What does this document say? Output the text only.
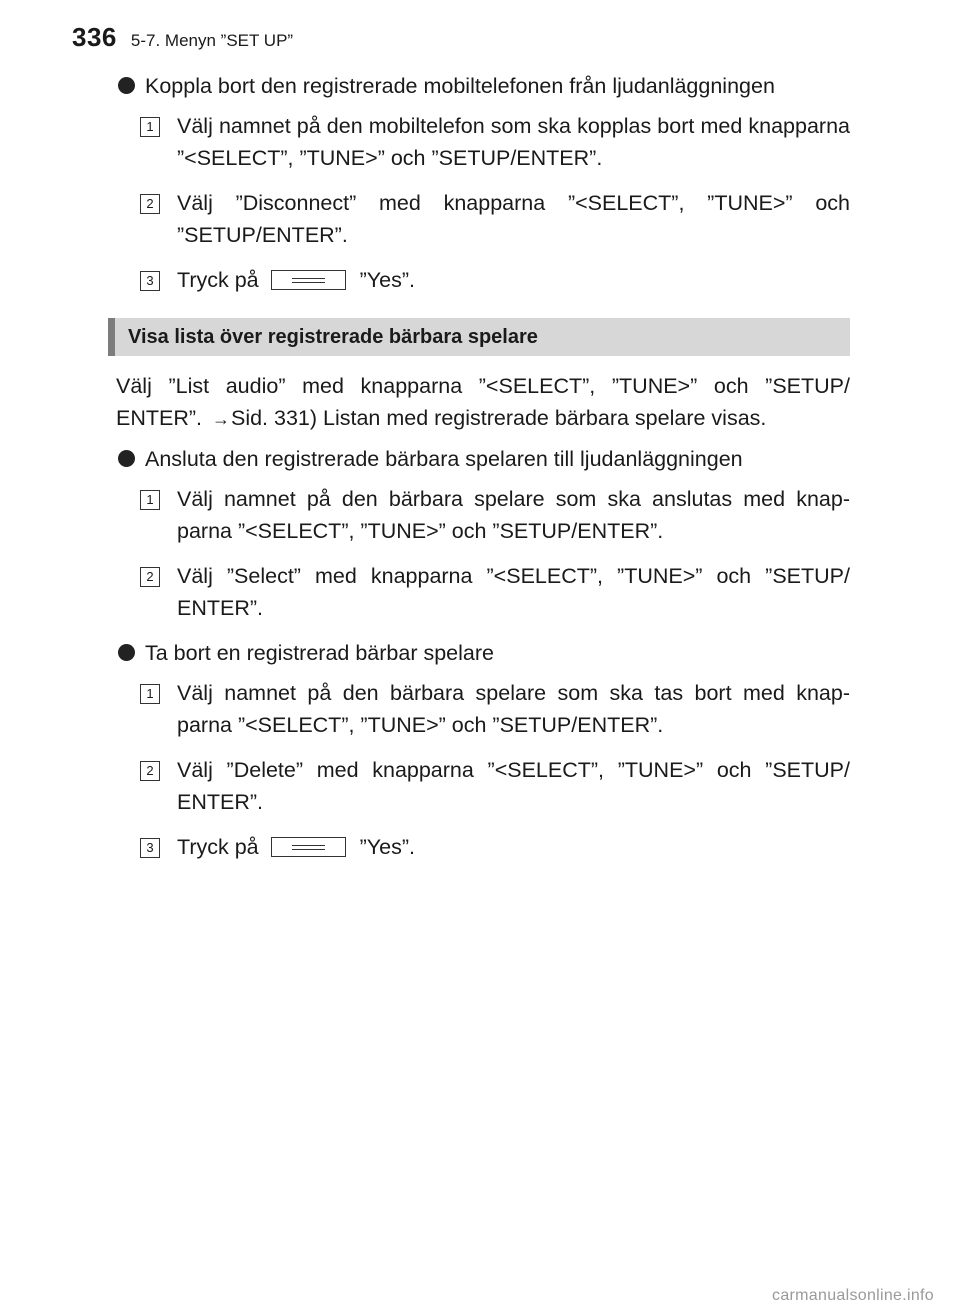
336 5-7. Menyn ”SET UP”
Koppla bort den registrerade mobiltelefonen från ljudanläggningen
1 Välj namnet på den mobiltelefon som ska kopplas bort med knapparna ”<SELECT”, ”TUNE>” och ”SETUP/ENTER”.
2 Välj ”Disconnect” med knapparna ”<SELECT”, ”TUNE>” och ”SETUP/ENTER”.
3 Tryck på	”Yes”.
Visa lista över registrerade bärbara spelare
Välj ”List audio” med knapparna ”<SELECT”, ”TUNE>” och ”SETUP/ ENTER”. →Sid. 331) Listan med registrerade bärbara spelare visas.
Ansluta den registrerade bärbara spelaren till ljudanläggningen
1 Välj namnet på den bärbara spelare som ska anslutas med knap- parna ”<SELECT”, ”TUNE>” och ”SETUP/ENTER”.
2 Välj ”Select” med knapparna ”<SELECT”, ”TUNE>” och ”SETUP/ ENTER”.
Ta bort en registrerad bärbar spelare
1 Välj namnet på den bärbara spelare som ska tas bort med knap- parna ”<SELECT”, ”TUNE>” och ”SETUP/ENTER”.
2 Välj ”Delete” med knapparna ”<SELECT”, ”TUNE>” och ”SETUP/ ENTER”.
3 Tryck på	”Yes”.
carmanualsonline.info
